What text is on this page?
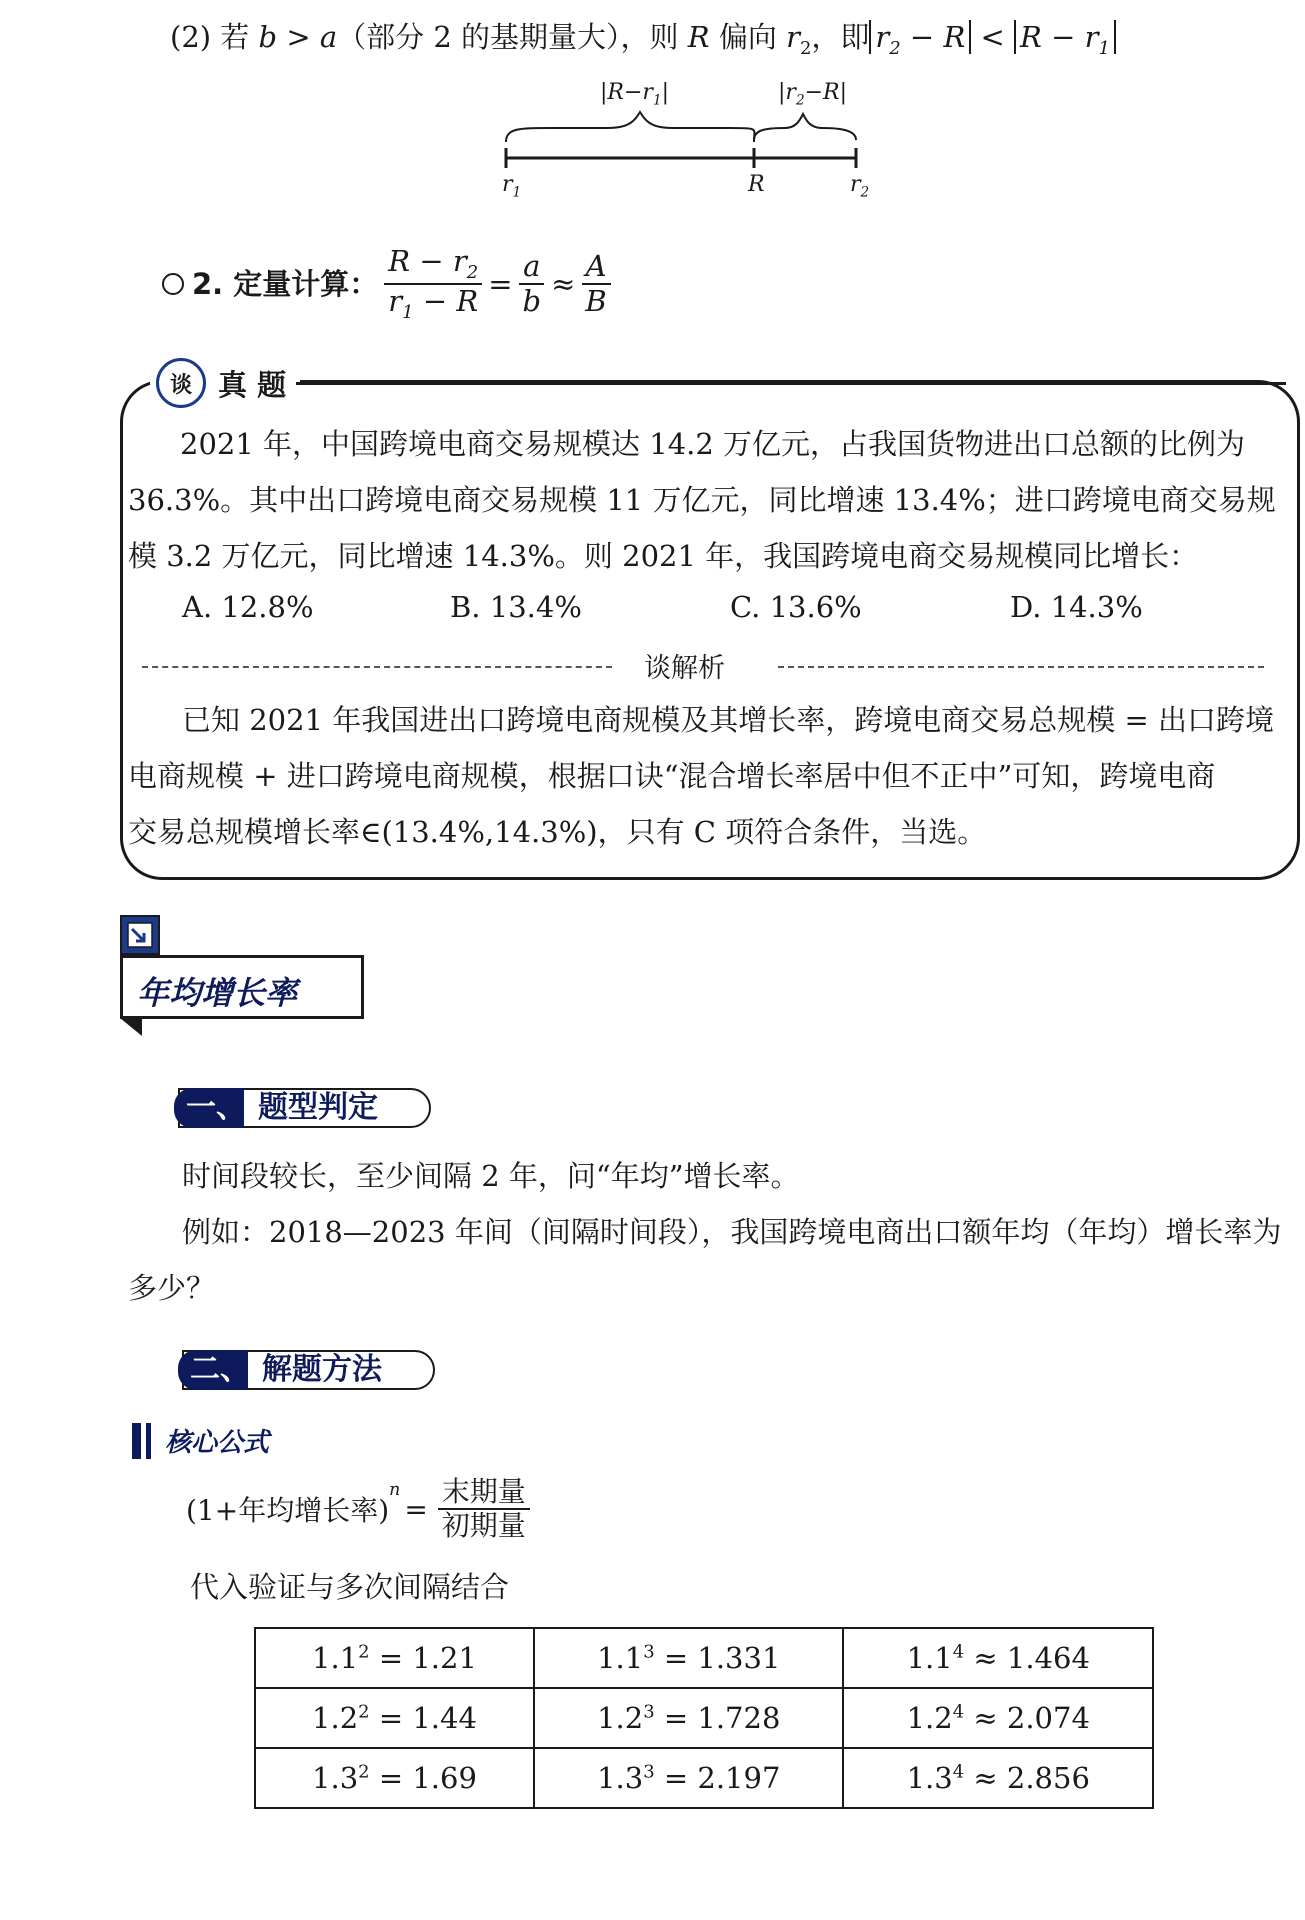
(2) 若 b > a（部分 2 的基期量大），则 R 偏向 $r_2$，即 $r_2 - R < R - r_1$
$|R-r_1|$	$|r_2-R|$
$r_1$	R	$r_2$
2. 定量计算： $\frac{R - r_2}{r_1 - R} = \frac{a}{b} \approx \frac{A}{B}$
谈 真 题
2021 年，中国跨境电商交易规模达 14.2 万亿元，占我国货物进出口总额的比例为
36.3%。其中出口跨境电商交易规模 11 万亿元，同比增速 13.4%；进口跨境电商交易规
模 3.2 万亿元，同比增速 14.3%。则 2021 年，我国跨境电商交易规模同比增长：
A. 12.8%	B. 13.4%	C. 13.6%	D. 14.3%
谈解析
已知 2021 年我国进出口跨境电商规模及其增长率，跨境电商交易总规模 = 出口跨境
电商规模 + 进口跨境电商规模，根据口诀“混合增长率居中但不正中”可知，跨境电商
交易总规模增长率∈(13.4%,14.3%)，只有 C 项符合条件，当选。
年均增长率
一、 题型判定
时间段较长，至少间隔 2 年，问“年均”增长率。
例如：2018—2023 年间（间隔时间段），我国跨境电商出口额年均（年均）增长率为
多少？
二、 解题方法
核心公式
(1+年均增长率)
$^n$
= $\frac{\text{末期量}}{\text{初期量}}$
代入验证与多次间隔结合
$1.1^2 = 1.21$	$1.1^3 = 1.331$	$1.1^4 \approx 1.464$
$1.2^2 = 1.44$	$1.2^3 = 1.728$	$1.2^4 \approx 2.074$
$1.3^2 = 1.69$	$1.3^3 = 2.197$	$1.3^4 \approx 2.856$
